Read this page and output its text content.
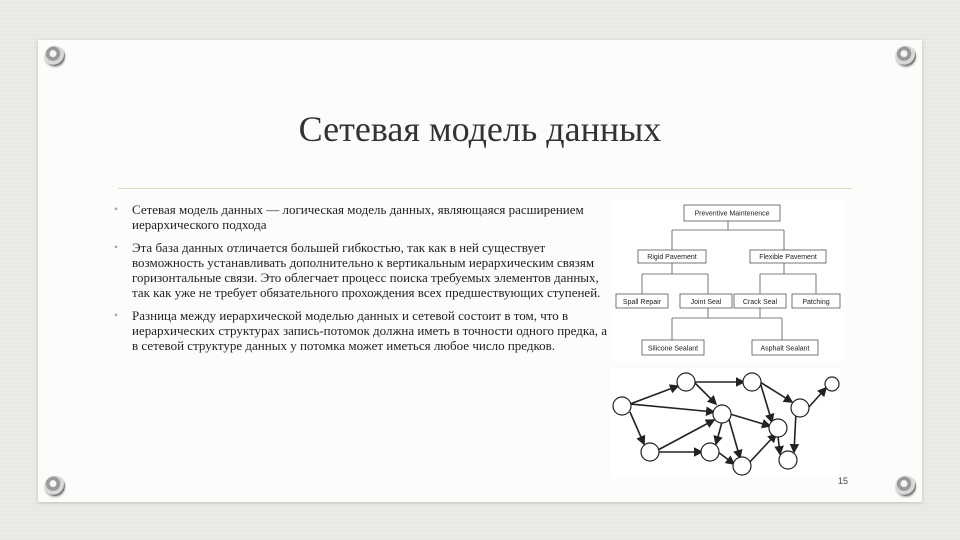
Сетевая модель данных
• Сетевая модель данных — логическая модель данных, являющаяся расширением иерархического подхода
• Эта база данных отличается большей гибкостью, так как в ней существует возможность устанавливать дополнительно к вертикальным иерархическим связям горизонтальные связи. Это облегчает процесс поиска требуемых элементов данных, так как уже не требует обязательного прохождения всех предшествующих ступеней.
• Разница между иерархической моделью данных и сетевой состоит в том, что в иерархических структурах запись-потомок должна иметь в точности одного предка, а в сетевой структуре данных у потомка может иметься любое число предков.
Preventive Maintenence
Rigid Pavement	Flexible Pavement
Spall Repair	Joint Seal	Crack Seal	Patching
Silicone Sealant	Asphalt Sealant
15
